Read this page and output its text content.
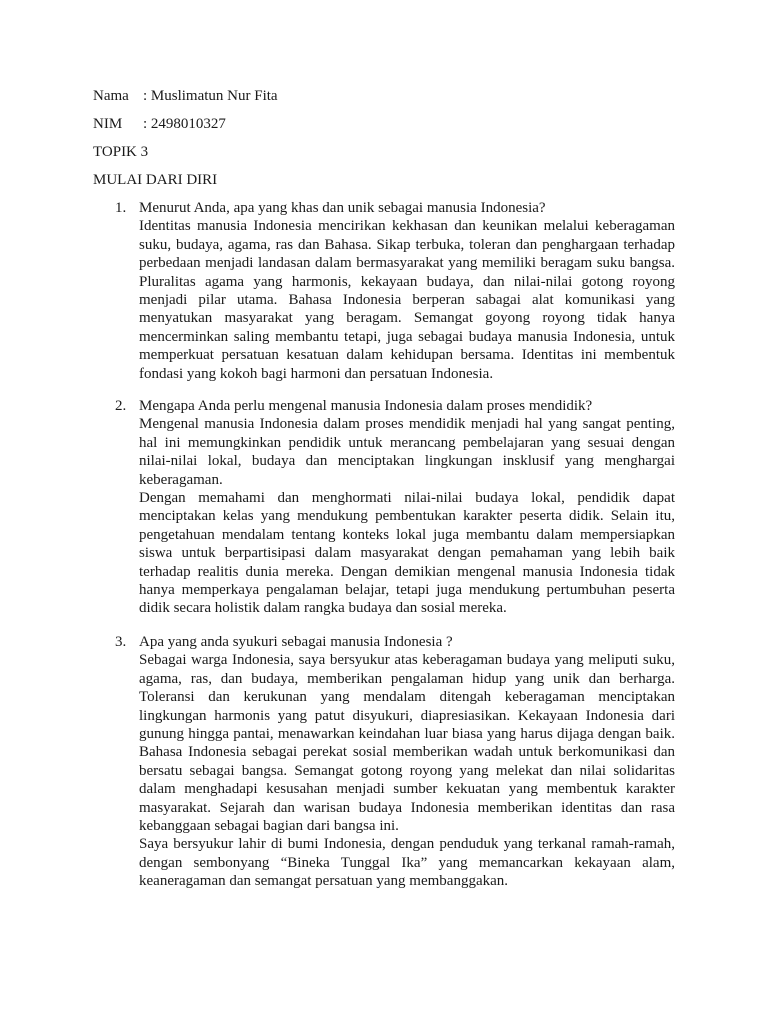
Nama : Muslimatun Nur Fita
NIM : 2498010327
TOPIK 3
MULAI DARI DIRI
1. Menurut Anda, apa yang khas dan unik sebagai manusia Indonesia?

Identitas manusia Indonesia mencirikan kekhasan dan keunikan melalui keberagaman suku, budaya, agama, ras dan Bahasa. Sikap terbuka, toleran dan penghargaan terhadap perbedaan menjadi landasan dalam bermasyarakat yang memiliki beragam suku bangsa. Pluralitas agama yang harmonis, kekayaan budaya, dan nilai-nilai gotong royong menjadi pilar utama. Bahasa Indonesia berperan sabagai alat komunikasi yang menyatukan masyarakat yang beragam. Semangat goyong royong tidak hanya mencerminkan saling membantu tetapi, juga sebagai budaya manusia Indonesia, untuk memperkuat persatuan kesatuan dalam kehidupan bersama. Identitas ini membentuk fondasi yang kokoh bagi harmoni dan persatuan Indonesia.

2. Mengapa Anda perlu mengenal manusia Indonesia dalam proses mendidik?

Mengenal manusia Indonesia dalam proses mendidik menjadi hal yang sangat penting, hal ini memungkinkan pendidik untuk merancang pembelajaran yang sesuai dengan nilai-nilai lokal, budaya dan menciptakan lingkungan insklusif yang menghargai keberagaman.

Dengan memahami dan menghormati nilai-nilai budaya lokal, pendidik dapat menciptakan kelas yang mendukung pembentukan karakter peserta didik. Selain itu, pengetahuan mendalam tentang konteks lokal juga membantu dalam mempersiapkan siswa untuk berpartisipasi dalam masyarakat dengan pemahaman yang lebih baik terhadap realitis dunia mereka. Dengan demikian mengenal manusia Indonesia tidak hanya memperkaya pengalaman belajar, tetapi juga mendukung pertumbuhan peserta didik secara holistik dalam rangka budaya dan sosial mereka.

3. Apa yang anda syukuri sebagai manusia Indonesia ?

Sebagai warga Indonesia, saya bersyukur atas keberagaman budaya yang meliputi suku, agama, ras, dan budaya, memberikan pengalaman hidup yang unik dan berharga. Toleransi dan kerukunan yang mendalam ditengah keberagaman menciptakan lingkungan harmonis yang patut disyukuri, diapresiasikan. Kekayaan Indonesia dari gunung hingga pantai, menawarkan keindahan luar biasa yang harus dijaga dengan baik. Bahasa Indonesia sebagai perekat sosial memberikan wadah untuk berkomunikasi dan bersatu sebagai bangsa. Semangat gotong royong yang melekat dan nilai solidaritas dalam menghadapi kesusahan menjadi sumber kekuatan yang membentuk karakter masyarakat. Sejarah dan warisan budaya Indonesia memberikan identitas dan rasa kebanggaan sebagai bagian dari bangsa ini.

Saya bersyukur lahir di bumi Indonesia, dengan penduduk yang terkanal ramah-ramah, dengan sembonyang “Bineka Tunggal Ika” yang memancarkan kekayaan alam, keaneragaman dan semangat persatuan yang membanggakan.
